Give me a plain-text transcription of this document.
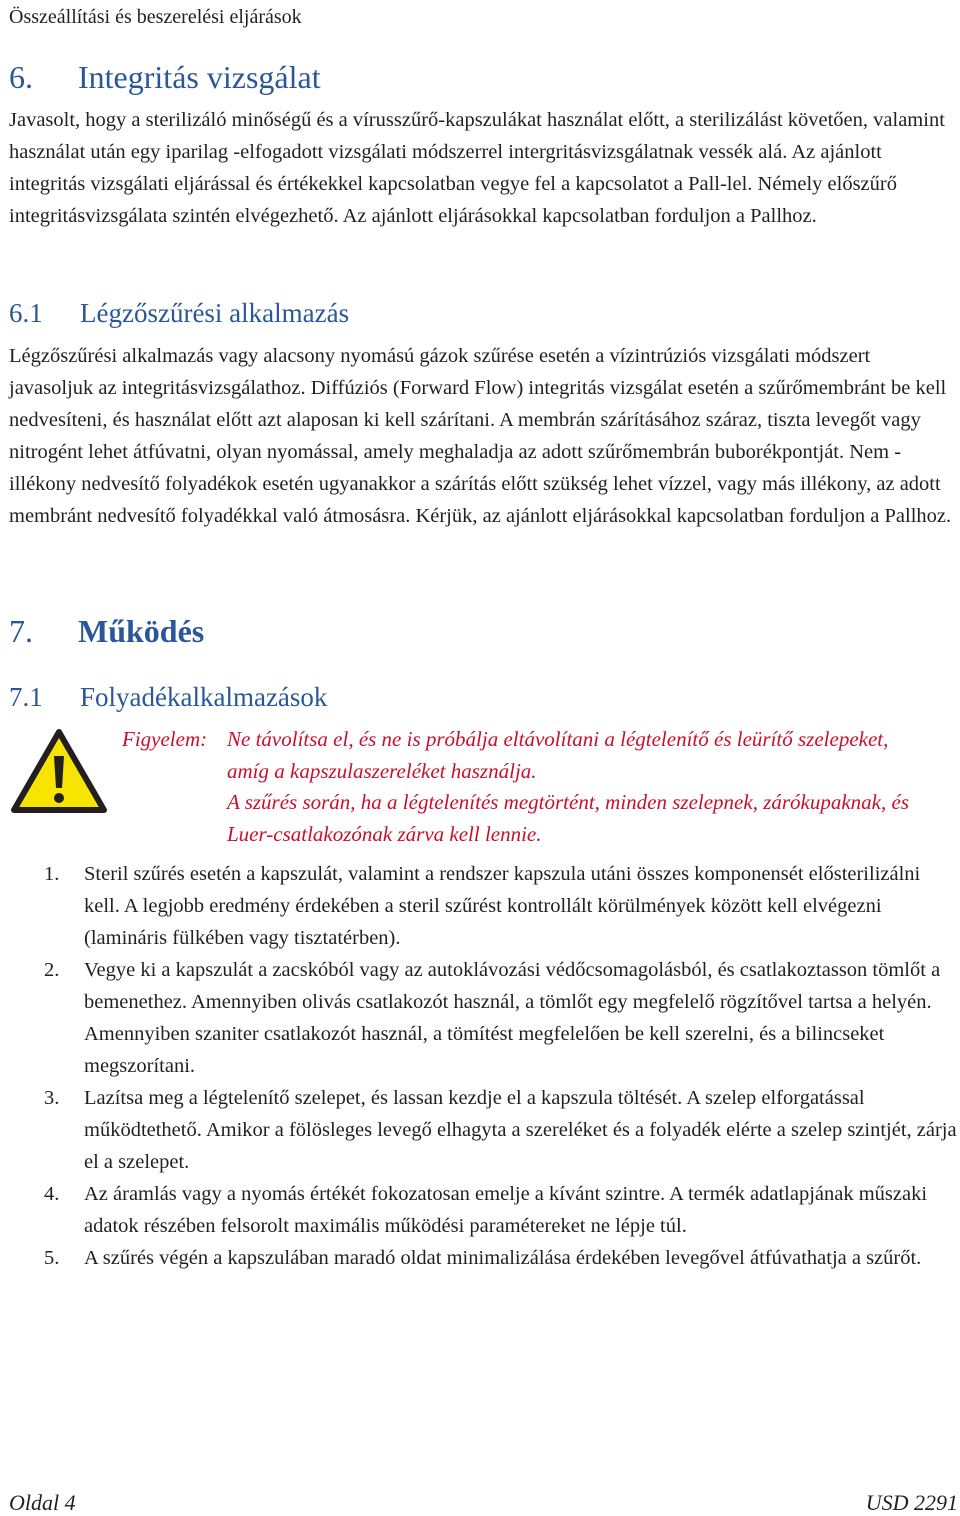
Összeállítási és beszerelési eljárások
6. Integritás vizsgálat
Javasolt, hogy a sterilizáló minőségű és a vírusszűrő-kapszulákat használat előtt, a sterilizálást követően, valamint használat után egy iparilag -elfogadott vizsgálati módszerrel intergritásvizsgálatnak vessék alá. Az ajánlott integritás vizsgálati eljárással és értékekkel kapcsolatban vegye fel a kapcsolatot a Pall-lel. Némely előszűrő integritásvizsgálata szintén elvégezhető. Az ajánlott eljárásokkal kapcsolatban forduljon a Pallhoz.
6.1 Légzőszűrési alkalmazás
Légzőszűrési alkalmazás vagy alacsony nyomású gázok szűrése esetén a vízintrúziós vizsgálati módszert javasoljuk az integritásvizsgálathoz. Diffúziós (Forward Flow) integritás vizsgálat esetén a szűrőmembránt be kell nedvesíteni, és használat előtt azt alaposan ki kell szárítani. A membrán szárításához száraz, tiszta levegőt vagy nitrogént lehet átfúvatni, olyan nyomással, amely meghaladja az adott szűrőmembrán buborékpontját. Nem -illékony nedvesítő folyadékok esetén ugyanakkor a szárítás előtt szükség lehet vízzel, vagy más illékony, az adott membránt nedvesítő folyadékkal való átmosásra. Kérjük, az ajánlott eljárásokkal kapcsolatban forduljon a Pallhoz.
7. Működés
7.1 Folyadékalkalmazások
Figyelem: Ne távolítsa el, és ne is próbálja eltávolítani a légtelenítő és leürítő szelepeket, amíg a kapszulaszereléket használja.
A szűrés során, ha a légtelenítés megtörtént, minden szelepnek, zárókupaknak, és Luer-csatlakozónak zárva kell lennie.
1.	Steril szűrés esetén a kapszulát, valamint a rendszer kapszula utáni összes komponensét elősterilizálni kell. A legjobb eredmény érdekében a steril szűrést kontrollált körülmények között kell elvégezni (lamináris fülkében vagy tisztatérben).
2.	Vegye ki a kapszulát a zacskóból vagy az autoklávozási védőcsomagolásból, és csatlakoztasson tömlőt a bemenethez. Amennyiben olivás csatlakozót használ, a tömlőt egy megfelelő rögzítővel tartsa a helyén. Amennyiben szaniter csatlakozót használ, a tömítést megfelelően be kell szerelni, és a bilincseket megszorítani.
3.	Lazítsa meg a légtelenítő szelepet, és lassan kezdje el a kapszula töltését. A szelep elforgatással működtethető. Amikor a fölösleges levegő elhagyta a szereléket és a folyadék elérte a szelep szintjét, zárja el a szelepet.
4.	Az áramlás vagy a nyomás értékét fokozatosan emelje a kívánt szintre. A termék adatlapjának műszaki adatok részében felsorolt maximális működési paramétereket ne lépje túl.
5.	A szűrés végén a kapszulában maradó oldat minimalizálása érdekében levegővel átfúvathatja a szűrőt.
Oldal 4	USD 2291
